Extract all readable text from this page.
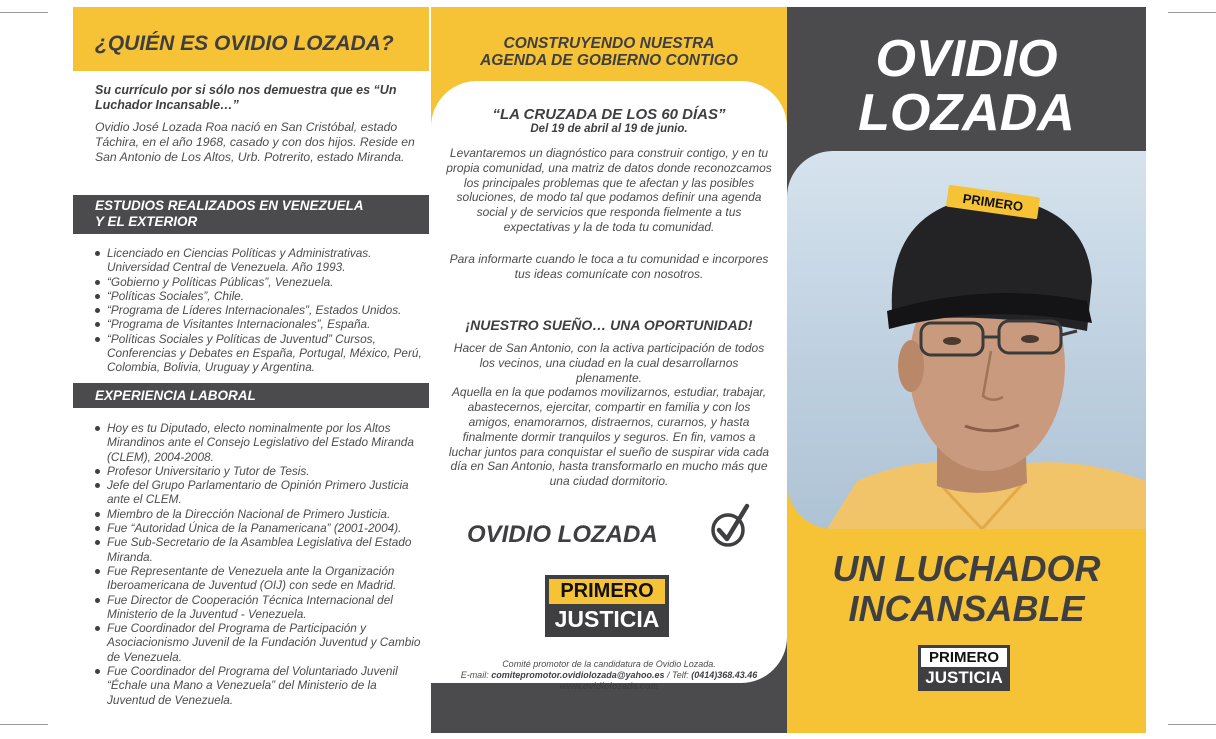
¿QUIÉN ES OVIDIO LOZADA?

Su currículo por si sólo nos demuestra que es “Un Luchador Incansable…”

Ovidio José Lozada Roa nació en San Cristóbal, estado Táchira, en el año 1968, casado y con dos hijos. Reside en San Antonio de Los Altos, Urb. Potrerito, estado Miranda.

ESTUDIOS REALIZADOS EN VENEZUELA
Y EL EXTERIOR
Licenciado en Ciencias Políticas y Administrativas. Universidad Central de Venezuela. Año 1993.
“Gobierno y Políticas Públicas”, Venezuela.
“Políticas Sociales”, Chile.
“Programa de Líderes Internacionales”, Estados Unidos.
“Programa de Visitantes Internacionales”, España.
“Políticas Sociales y Políticas de Juventud” Cursos, Conferencias y Debates en España, Portugal, México, Perú, Colombia, Bolivia, Uruguay y Argentina.
EXPERIENCIA LABORAL
Hoy es tu Diputado, electo nominalmente por los Altos Mirandinos ante el Consejo Legislativo del Estado Miranda (CLEM), 2004-2008.
Profesor Universitario y Tutor de Tesis.
Jefe del Grupo Parlamentario de Opinión Primero Justicia ante el CLEM.
Miembro de la Dirección Nacional de Primero Justicia.
Fue “Autoridad Única de la Panamericana” (2001-2004).
Fue Sub-Secretario de la Asamblea Legislativa del Estado Miranda.
Fue Representante de Venezuela ante la Organización Iberoamericana de Juventud (OIJ) con sede en Madrid.
Fue Director de Cooperación Técnica Internacional del Ministerio de la Juventud - Venezuela.
Fue Coordinador del Programa de Participación y Asociacionismo Juvenil de la Fundación Juventud y Cambio de Venezuela.
Fue Coordinador del Programa del Voluntariado Juvenil “Échale una Mano a Venezuela” del Ministerio de la Juventud de Venezuela.
CONSTRUYENDO NUESTRA
AGENDA DE GOBIERNO CONTIGO
“LA CRUZADA DE LOS 60 DÍAS”
Del 19 de abril al 19 de junio.

Levantaremos un diagnóstico para construir contigo, y en tu propia comunidad, una matriz de datos donde reconozcamos los principales problemas que te afectan y las posibles soluciones, de modo tal que podamos definir una agenda social y de servicios que responda fielmente a tus expectativas y la de toda tu comunidad.

Para informarte cuando le toca a tu comunidad e incorpores tus ideas comunícate con nosotros.

¡NUESTRO SUEÑO… UNA OPORTUNIDAD!

Hacer de San Antonio, con la activa participación de todos los vecinos, una ciudad en la cual desarrollarnos plenamente.

Aquella en la que podamos movilizarnos, estudiar, trabajar, abastecernos, ejercitar, compartir en familia y con los amigos, enamorarnos, distraernos, curarnos, y hasta finalmente dormir tranquilos y seguros. En fin, vamos a luchar juntos para conquistar el sueño de suspirar vida cada día en San Antonio, hasta transformarlo en mucho más que una ciudad dormitorio.

OVIDIO LOZADA
PRIMERO
JUSTICIA
Comité promotor de la candidatura de Ovidio Lozada.
E-mail: comitepromotor.ovidiolozada@yahoo.es / Telf: (0414)368.43.46
www.ovidiolozada.com
OVIDIO
LOZADA
PRIMERO
UN LUCHADOR
INCANSABLE
PRIMERO
JUSTICIA
